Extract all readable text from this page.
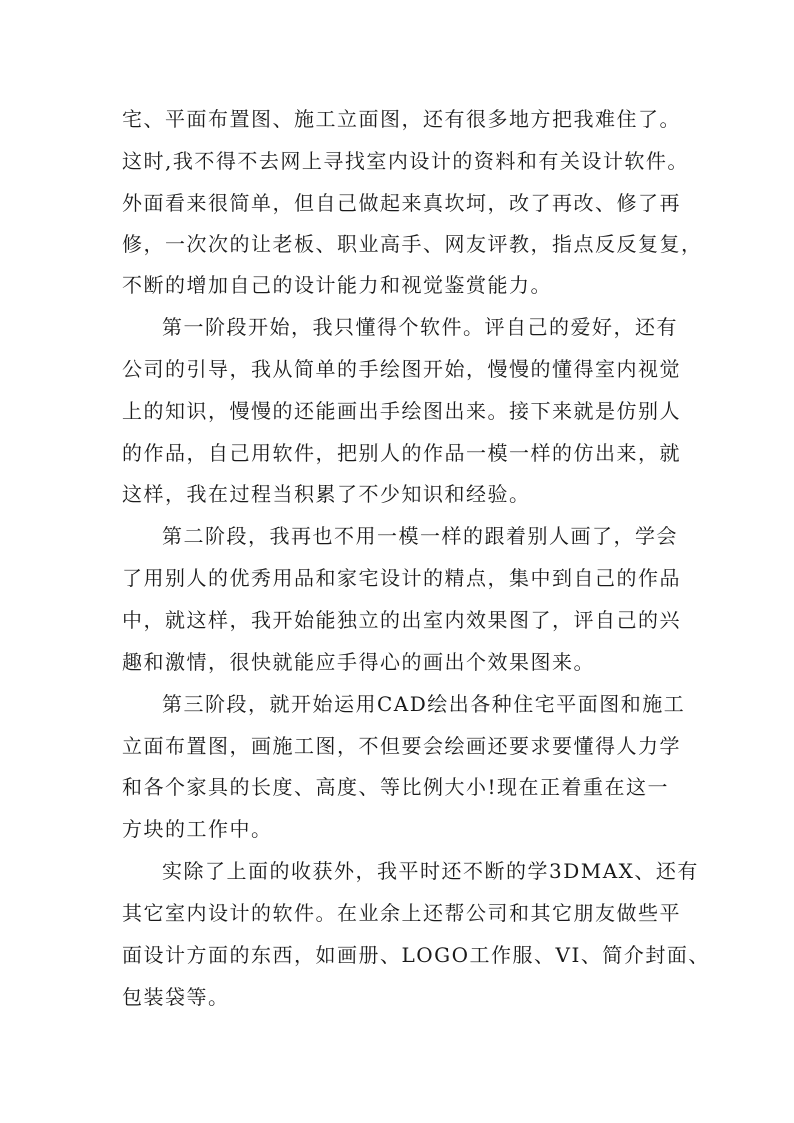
宅、平面布置图、施工立面图，还有很多地方把我难住了。
这时,我不得不去网上寻找室内设计的资料和有关设计软件。
外面看来很简单，但自己做起来真坎坷，改了再改、修了再
修，一次次的让老板、职业高手、网友评教，指点反反复复，
不断的增加自己的设计能力和视觉鉴赏能力。
第一阶段开始，我只懂得个软件。评自己的爱好，还有
公司的引导，我从简单的手绘图开始，慢慢的懂得室内视觉
上的知识，慢慢的还能画出手绘图出来。接下来就是仿别人
的作品，自己用软件，把别人的作品一模一样的仿出来，就
这样，我在过程当积累了不少知识和经验。
第二阶段，我再也不用一模一样的跟着别人画了，学会
了用别人的优秀用品和家宅设计的精点，集中到自己的作品
中，就这样，我开始能独立的出室内效果图了，评自己的兴
趣和激情，很快就能应手得心的画出个效果图来。
第三阶段，就开始运用CAD绘出各种住宅平面图和施工
立面布置图，画施工图，不但要会绘画还要求要懂得人力学
和各个家具的长度、高度、等比例大小!现在正着重在这一
方块的工作中。
实除了上面的收获外，我平时还不断的学3DMAX、还有
其它室内设计的软件。在业余上还帮公司和其它朋友做些平
面设计方面的东西，如画册、LOGO工作服、VI、简介封面、
包装袋等。
